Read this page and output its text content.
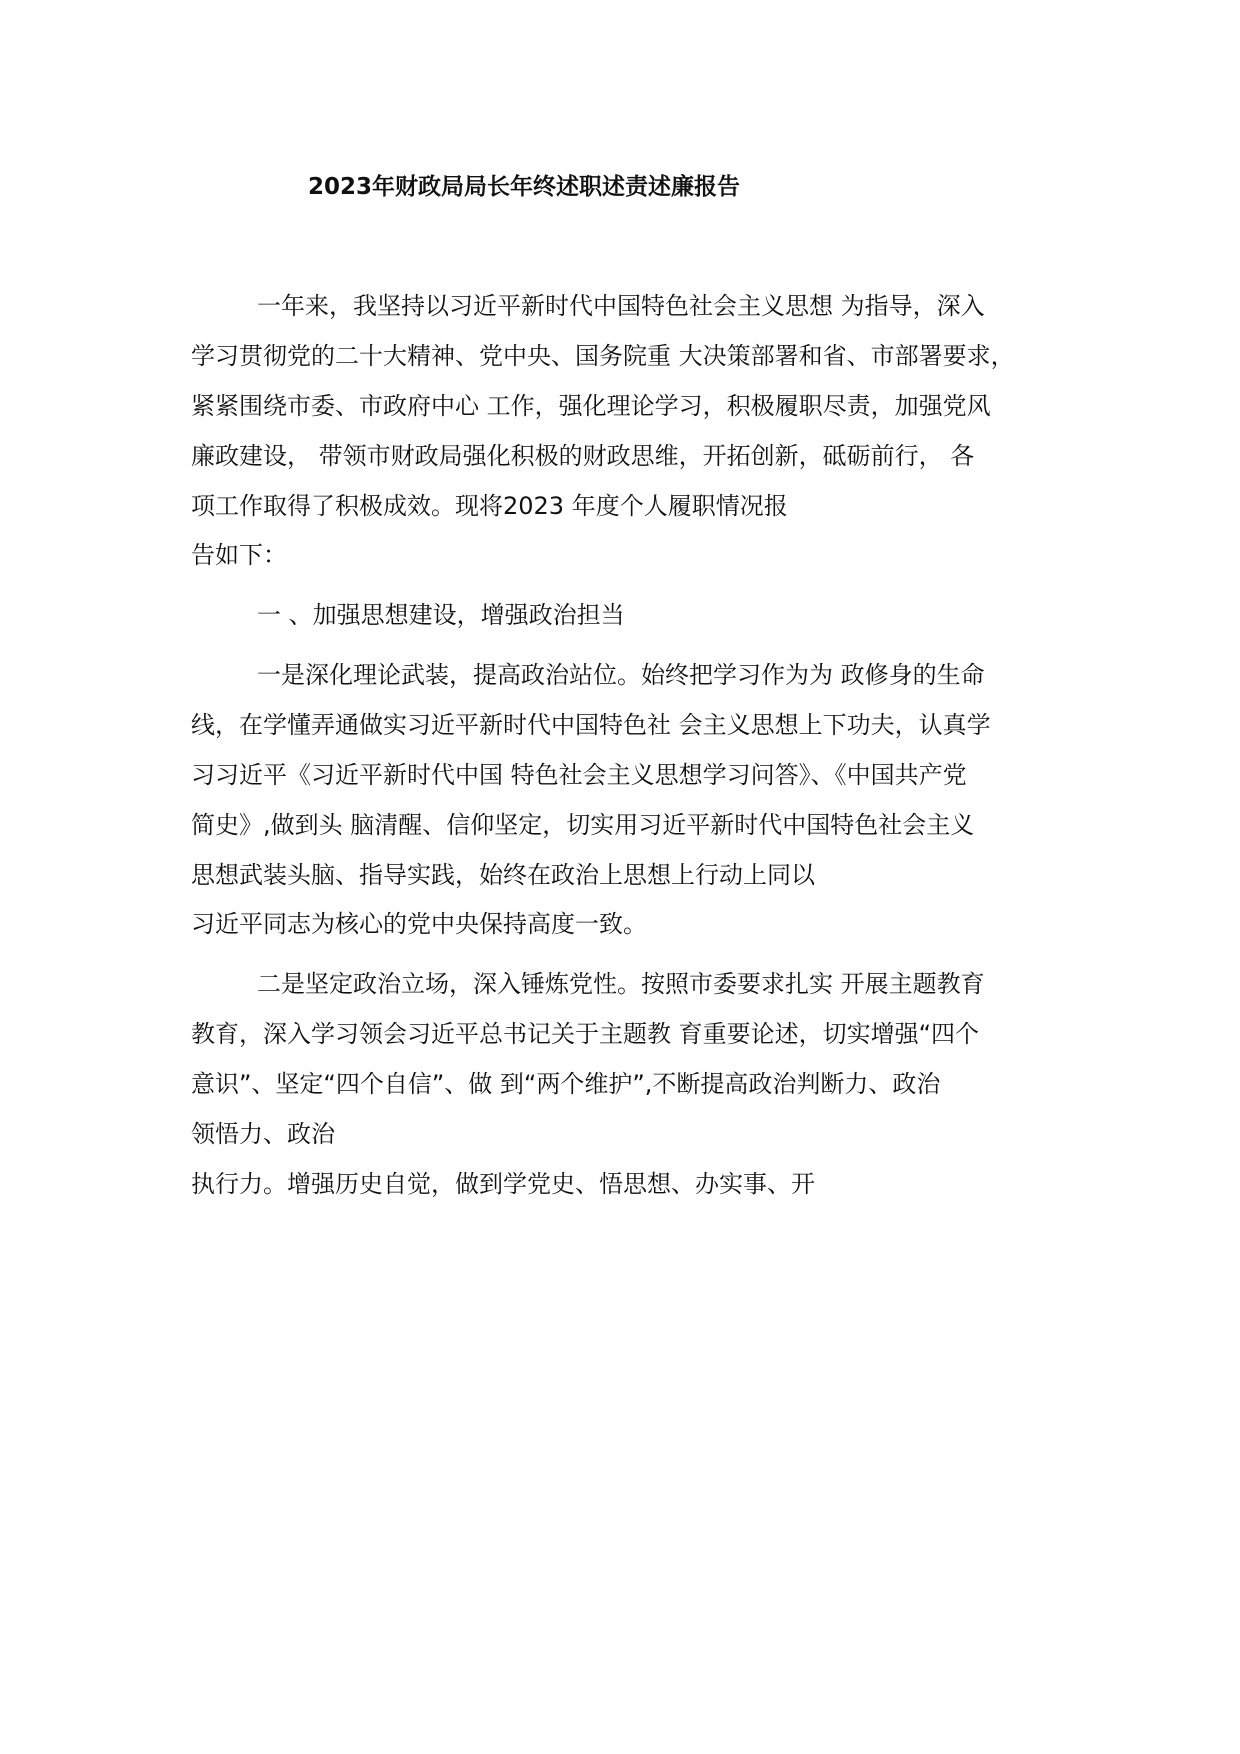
2023年财政局局长年终述职述责述廉报告
一年来，我坚持以习近平新时代中国特色社会主义思想 为指导，深入
学习贯彻党的二十大精神、党中央、国务院重 大决策部署和省、市部署要求，
紧紧围绕市委、市政府中心 工作，强化理论学习，积极履职尽责，加强党风
廉政建设， 带领市财政局强化积极的财政思维，开拓创新，砥砺前行， 各
项工作取得了积极成效。现将2023 年度个人履职情况报
告如下：
一 、加强思想建设，增强政治担当
一是深化理论武装，提高政治站位。始终把学习作为为 政修身的生命
线，在学懂弄通做实习近平新时代中国特色社 会主义思想上下功夫，认真学
习习近平《习近平新时代中国 特色社会主义思想学习问答》、《中国共产党
简史》,做到头 脑清醒、信仰坚定，切实用习近平新时代中国特色社会主义
思想武装头脑、指导实践，始终在政治上思想上行动上同以
习近平同志为核心的党中央保持高度一致。
二是坚定政治立场，深入锤炼党性。按照市委要求扎实 开展主题教育
教育，深入学习领会习近平总书记关于主题教 育重要论述，切实增强“四个
意识”、坚定“四个自信”、做 到“两个维护”,不断提高政治判断力、政治
领悟力、政治
执行力。增强历史自觉，做到学党史、悟思想、办实事、开
